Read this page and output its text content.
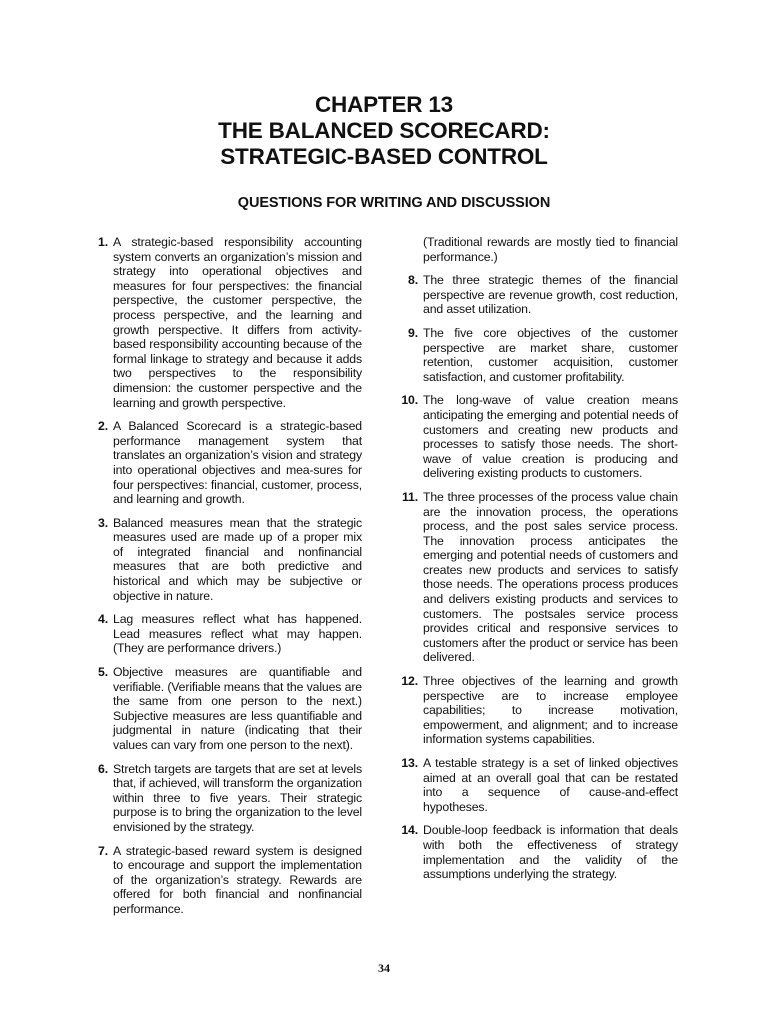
CHAPTER 13
THE BALANCED SCORECARD:
STRATEGIC-BASED CONTROL
QUESTIONS FOR WRITING AND DISCUSSION
1. A strategic-based responsibility accounting system converts an organization’s mission and strategy into operational objectives and measures for four perspectives: the financial perspective, the customer perspective, the process perspective, and the learning and growth perspective. It differs from activity-based responsibility accounting because of the formal linkage to strategy and because it adds two perspectives to the responsibility dimension: the customer perspective and the learning and growth perspective.
2. A Balanced Scorecard is a strategic-based performance management system that translates an organization’s vision and strategy into operational objectives and mea-sures for four perspectives: financial, customer, process, and learning and growth.
3. Balanced measures mean that the strategic measures used are made up of a proper mix of integrated financial and nonfinancial measures that are both predictive and historical and which may be subjective or objective in nature.
4. Lag measures reflect what has happened. Lead measures reflect what may happen. (They are performance drivers.)
5. Objective measures are quantifiable and verifiable. (Verifiable means that the values are the same from one person to the next.) Subjective measures are less quantifiable and judgmental in nature (indicating that their values can vary from one person to the next).
6. Stretch targets are targets that are set at levels that, if achieved, will transform the organization within three to five years. Their strategic purpose is to bring the organization to the level envisioned by the strategy.
7. A strategic-based reward system is designed to encourage and support the implementation of the organization’s strategy. Rewards are offered for both financial and nonfinancial performance.
(Traditional rewards are mostly tied to financial performance.)
8. The three strategic themes of the financial perspective are revenue growth, cost reduction, and asset utilization.
9. The five core objectives of the customer perspective are market share, customer retention, customer acquisition, customer satisfaction, and customer profitability.
10. The long-wave of value creation means anticipating the emerging and potential needs of customers and creating new products and processes to satisfy those needs. The short-wave of value creation is producing and delivering existing products to customers.
11. The three processes of the process value chain are the innovation process, the operations process, and the post sales service process. The innovation process anticipates the emerging and potential needs of customers and creates new products and services to satisfy those needs. The operations process produces and delivers existing products and services to customers. The postsales service process provides critical and responsive services to customers after the product or service has been delivered.
12. Three objectives of the learning and growth perspective are to increase employee capabilities; to increase motivation, empowerment, and alignment; and to increase information systems capabilities.
13. A testable strategy is a set of linked objectives aimed at an overall goal that can be restated into a sequence of cause-and-effect hypotheses.
14. Double-loop feedback is information that deals with both the effectiveness of strategy implementation and the validity of the assumptions underlying the strategy.
34
